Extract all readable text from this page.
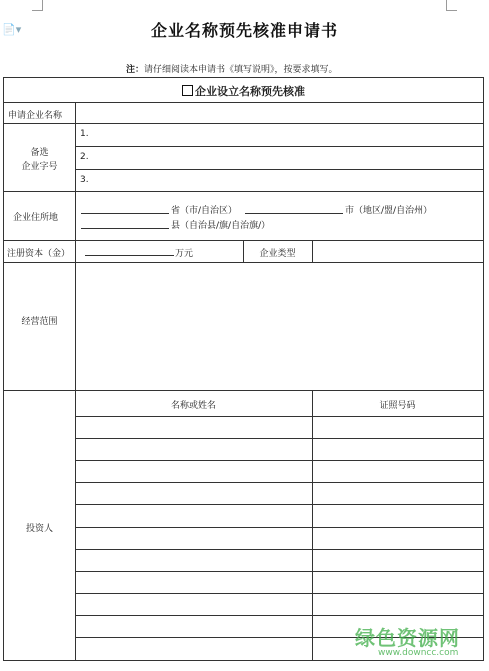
📄▾	企业名称预先核准申请书
注：请仔细阅读本申请书《填写说明》，按要求填写。
企业设立名称预先核准
申请企业名称
备选
企业字号
1.
2.
3.
企业住所地
省（市/自治区）	市（地区/盟/自治州）
县（自治县/旗/自治旗/）
注册资本（金）	万元	企业类型
经营范围
投资人
名称或姓名	证照号码
绿色资源网
www.downcc.com
